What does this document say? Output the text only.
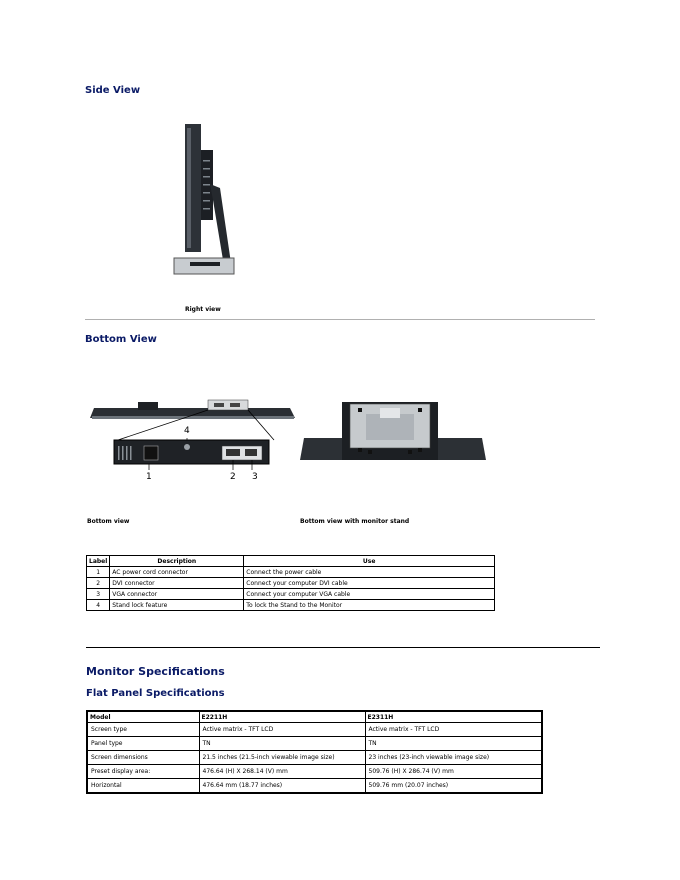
Side View
Right view
Bottom View
4
1	2 3
Bottom view	Bottom view with monitor stand
Label	Description	Use
1	AC power cord connector	Connect the power cable
2	DVI connector	Connect your computer DVI cable
3	VGA connector	Connect your computer VGA cable
4	Stand lock feature	To lock the Stand to the Monitor
Monitor Specifications
Flat Panel Specifications
Model	E2211H	E2311H
Screen type	Active matrix - TFT LCD	Active matrix - TFT LCD
Panel type	TN	TN
Screen dimensions	21.5 inches (21.5-inch viewable image size)	23 inches (23-inch viewable image size)
Preset display area:	476.64 (H) X 268.14 (V) mm	509.76 (H) X 286.74 (V) mm
Horizontal	476.64 mm (18.77 inches)	509.76 mm (20.07 inches)
